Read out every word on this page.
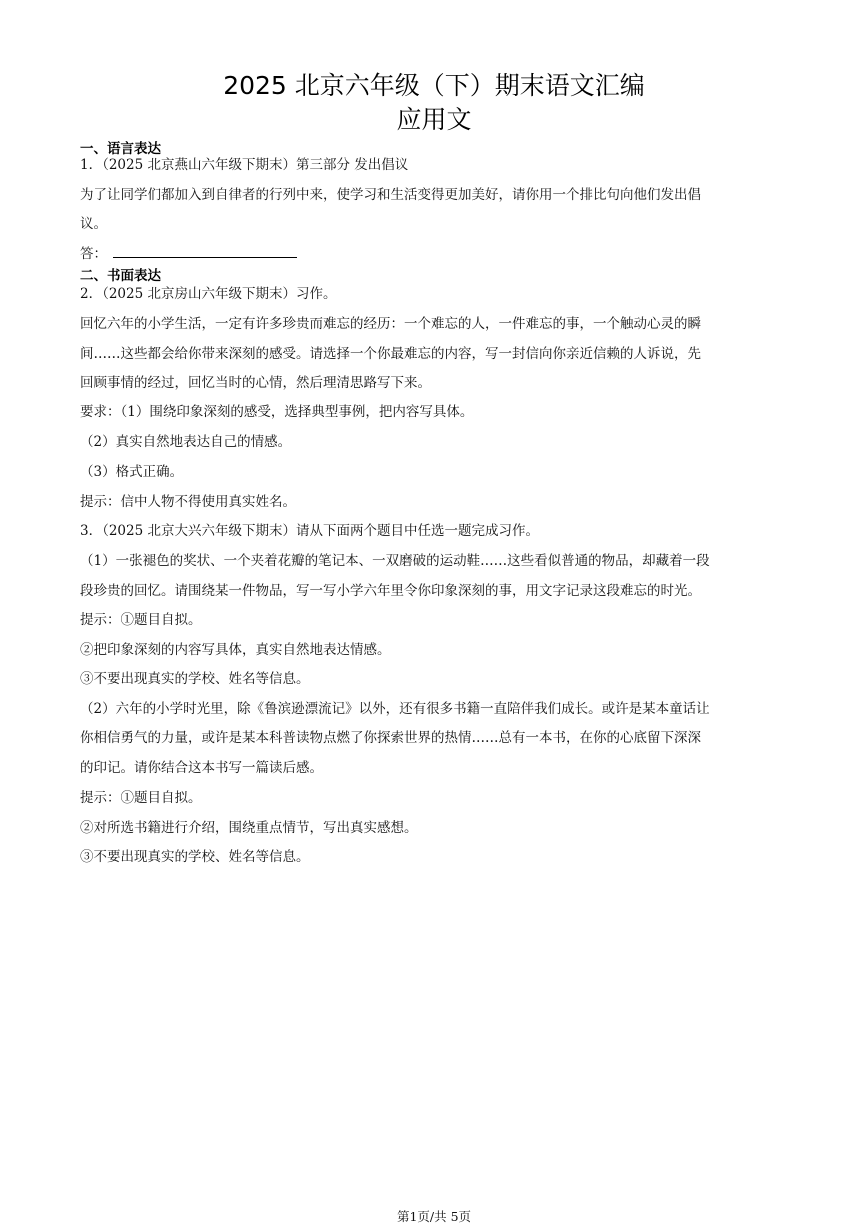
2025 北京六年级（下）期末语文汇编
应用文
一、语言表达
1．（2025 北京燕山六年级下期末）第三部分 发出倡议
为了让同学们都加入到自律者的行列中来，使学习和生活变得更加美好，请你用一个排比句向他们发出倡
议。
答：
二、书面表达
2．（2025 北京房山六年级下期末）习作。
回忆六年的小学生活，一定有许多珍贵而难忘的经历：一个难忘的人，一件难忘的事，一个触动心灵的瞬
间……这些都会给你带来深刻的感受。请选择一个你最难忘的内容，写一封信向你亲近信赖的人诉说，先
回顾事情的经过，回忆当时的心情，然后理清思路写下来。
要求：（1）围绕印象深刻的感受，选择典型事例，把内容写具体。
（2）真实自然地表达自己的情感。
（3）格式正确。
提示：信中人物不得使用真实姓名。
3．（2025 北京大兴六年级下期末）请从下面两个题目中任选一题完成习作。
（1）一张褪色的奖状、一个夹着花瓣的笔记本、一双磨破的运动鞋……这些看似普通的物品，却藏着一段
段珍贵的回忆。请围绕某一件物品，写一写小学六年里令你印象深刻的事，用文字记录这段难忘的时光。
提示：①题目自拟。
②把印象深刻的内容写具体，真实自然地表达情感。
③不要出现真实的学校、姓名等信息。
（2）六年的小学时光里，除《鲁滨逊漂流记》以外，还有很多书籍一直陪伴我们成长。或许是某本童话让
你相信勇气的力量，或许是某本科普读物点燃了你探索世界的热情……总有一本书，在你的心底留下深深
的印记。请你结合这本书写一篇读后感。
提示：①题目自拟。
②对所选书籍进行介绍，围绕重点情节，写出真实感想。
③不要出现真实的学校、姓名等信息。
第1页/共 5页
